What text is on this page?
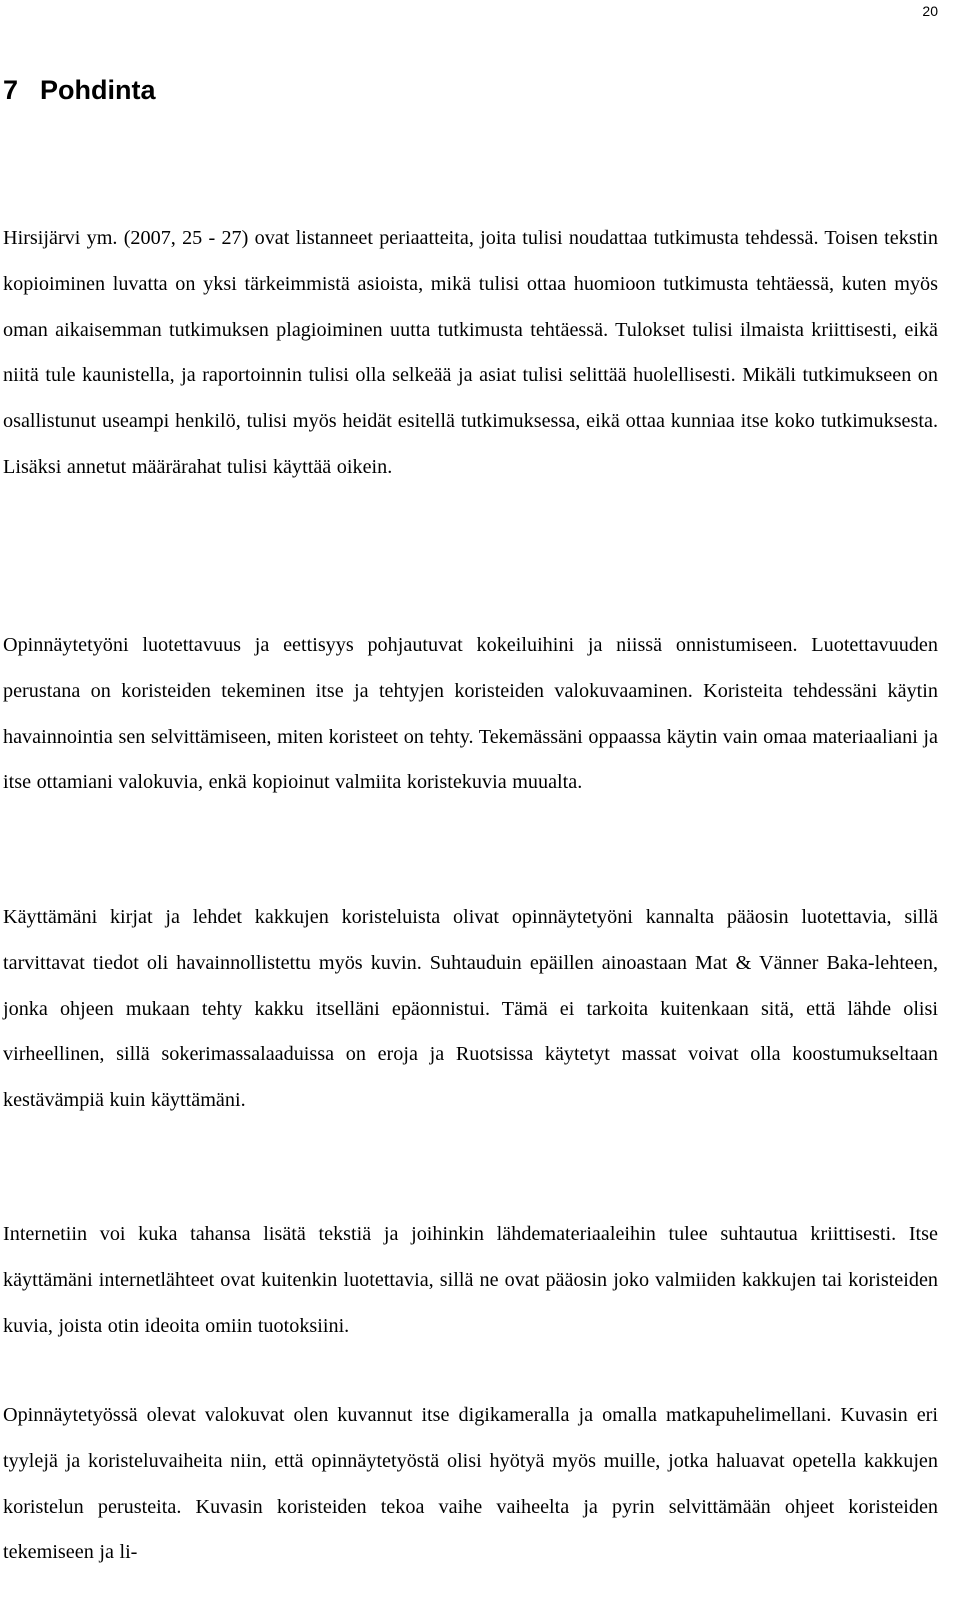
20
7 Pohdinta

Hirsijärvi ym. (2007, 25 - 27) ovat listanneet periaatteita, joita tulisi noudattaa tutkimusta tehdessä. Toisen tekstin kopioiminen luvatta on yksi tärkeimmistä asioista, mikä tulisi ottaa huomioon tutkimusta tehtäessä, kuten myös oman aikaisemman tutkimuksen plagioiminen uutta tutkimusta tehtäessä. Tulokset tulisi ilmaista kriittisesti, eikä niitä tule kaunistella, ja raportoinnin tulisi olla selkeää ja asiat tulisi selittää huolellisesti. Mikäli tutkimukseen on osallistunut useampi henkilö, tulisi myös heidät esitellä tutkimuksessa, eikä ottaa kunniaa itse koko tutkimuksesta. Lisäksi annetut määrärahat tulisi käyttää oikein.

Opinnäytetyöni luotettavuus ja eettisyys pohjautuvat kokeiluihini ja niissä onnistumiseen. Luotettavuuden perustana on koristeiden tekeminen itse ja tehtyjen koristeiden valokuvaaminen. Koristeita tehdessäni käytin havainnointia sen selvittämiseen, miten koristeet on tehty. Tekemässäni oppaassa käytin vain omaa materiaaliani ja itse ottamiani valokuvia, enkä kopioinut valmiita koristekuvia muualta.

Käyttämäni kirjat ja lehdet kakkujen koristeluista olivat opinnäytetyöni kannalta pääosin luotettavia, sillä tarvittavat tiedot oli havainnollistettu myös kuvin. Suhtauduin epäillen ainoastaan Mat & Vänner Baka-lehteen, jonka ohjeen mukaan tehty kakku itselläni epäonnistui. Tämä ei tarkoita kuitenkaan sitä, että lähde olisi virheellinen, sillä sokerimassalaaduissa on eroja ja Ruotsissa käytetyt massat voivat olla koostumukseltaan kestävämpiä kuin käyttämäni.

Internetiin voi kuka tahansa lisätä tekstiä ja joihinkin lähdemateriaaleihin tulee suhtautua kriittisesti. Itse käyttämäni internetlähteet ovat kuitenkin luotettavia, sillä ne ovat pääosin joko valmiiden kakkujen tai koristeiden kuvia, joista otin ideoita omiin tuotoksiini.

Opinnäytetyössä olevat valokuvat olen kuvannut itse digikameralla ja omalla matkapuhelimellani. Kuvasin eri tyylejä ja koristeluvaiheita niin, että opinnäytetyöstä olisi hyötyä myös muille, jotka haluavat opetella kakkujen koristelun perusteita. Kuvasin koristeiden tekoa vaihe vaiheelta ja pyrin selvittämään ohjeet koristeiden tekemiseen ja li-
